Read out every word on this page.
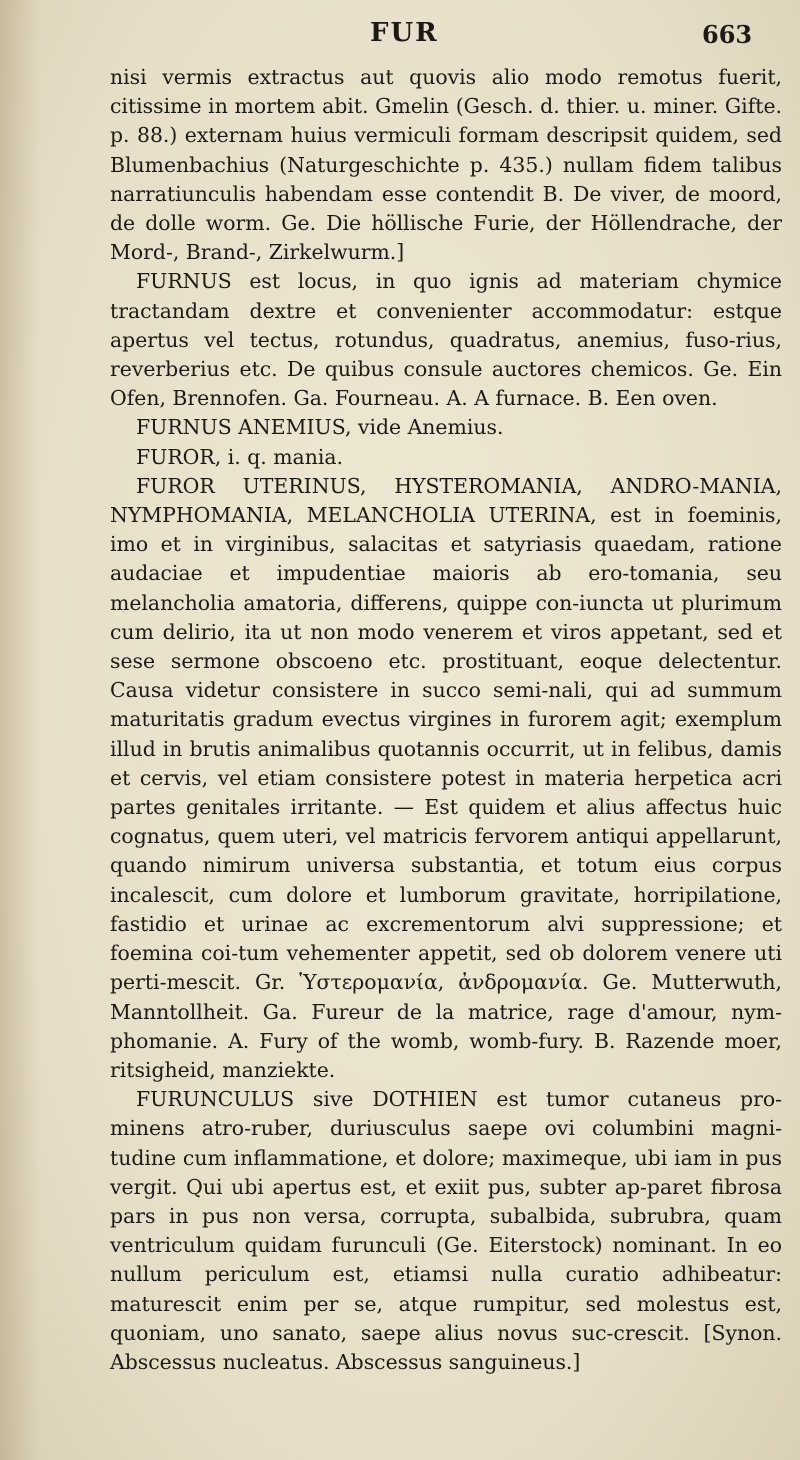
FUR	663

nisi vermis extractus aut quovis alio modo remotus fuerit, citissime in mortem abit. Gmelin (Gesch. d. thier. u. miner. Gifte. p. 88.) externam huius vermiculi formam descripsit quidem, sed Blumenbachius (Naturgeschichte p. 435.) nullam fidem talibus narratiunculis habendam esse contendit B. De viver, de moord, de dolle worm. Ge. Die höllische Furie, der Höllendrache, der Mord-, Brand-, Zirkelwurm.]

FURNUS est locus, in quo ignis ad materiam chymice tractandam dextre et convenienter accommodatur: estque apertus vel tectus, rotundus, quadratus, anemius, fuso-rius, reverberius etc. De quibus consule auctores chemicos. Ge. Ein Ofen, Brennofen. Ga. Fourneau. A. A furnace. B. Een oven.

FURNUS ANEMIUS, vide Anemius.

FUROR, i. q. mania.

FUROR UTERINUS, HYSTEROMANIA, ANDRO-MANIA, NYMPHOMANIA, MELANCHOLIA UTERINA, est in foeminis, imo et in virginibus, salacitas et satyriasis quaedam, ratione audaciae et impudentiae maioris ab ero-tomania, seu melancholia amatoria, differens, quippe con-iuncta ut plurimum cum delirio, ita ut non modo venerem et viros appetant, sed et sese sermone obscoeno etc. prostituant, eoque delectentur. Causa videtur consistere in succo semi-nali, qui ad summum maturitatis gradum evectus virgines in furorem agit; exemplum illud in brutis animalibus quotannis occurrit, ut in felibus, damis et cervis, vel etiam consistere potest in materia herpetica acri partes genitales irritante. — Est quidem et alius affectus huic cognatus, quem uteri, vel matricis fervorem antiqui appellarunt, quando nimirum universa substantia, et totum eius corpus incalescit, cum dolore et lumborum gravitate, horripilatione, fastidio et urinae ac excrementorum alvi suppressione; et foemina coi-tum vehementer appetit, sed ob dolorem venere uti perti-mescit. Gr. Ὑστερομανία, ἀνδρομανία. Ge. Mutterwuth, Manntollheit. Ga. Fureur de la matrice, rage d'amour, nym-phomanie. A. Fury of the womb, womb-fury. B. Razende moer, ritsigheid, manziekte.

FURUNCULUS sive DOTHIEN est tumor cutaneus pro-minens atro-ruber, duriusculus saepe ovi columbini magni-tudine cum inflammatione, et dolore; maximeque, ubi iam in pus vergit. Qui ubi apertus est, et exiit pus, subter ap-paret fibrosa pars in pus non versa, corrupta, subalbida, subrubra, quam ventriculum quidam furunculi (Ge. Eiterstock) nominant. In eo nullum periculum est, etiamsi nulla curatio adhibeatur: maturescit enim per se, atque rumpitur, sed molestus est, quoniam, uno sanato, saepe alius novus suc-crescit. [Synon. Abscessus nucleatus. Abscessus sanguineus.]
